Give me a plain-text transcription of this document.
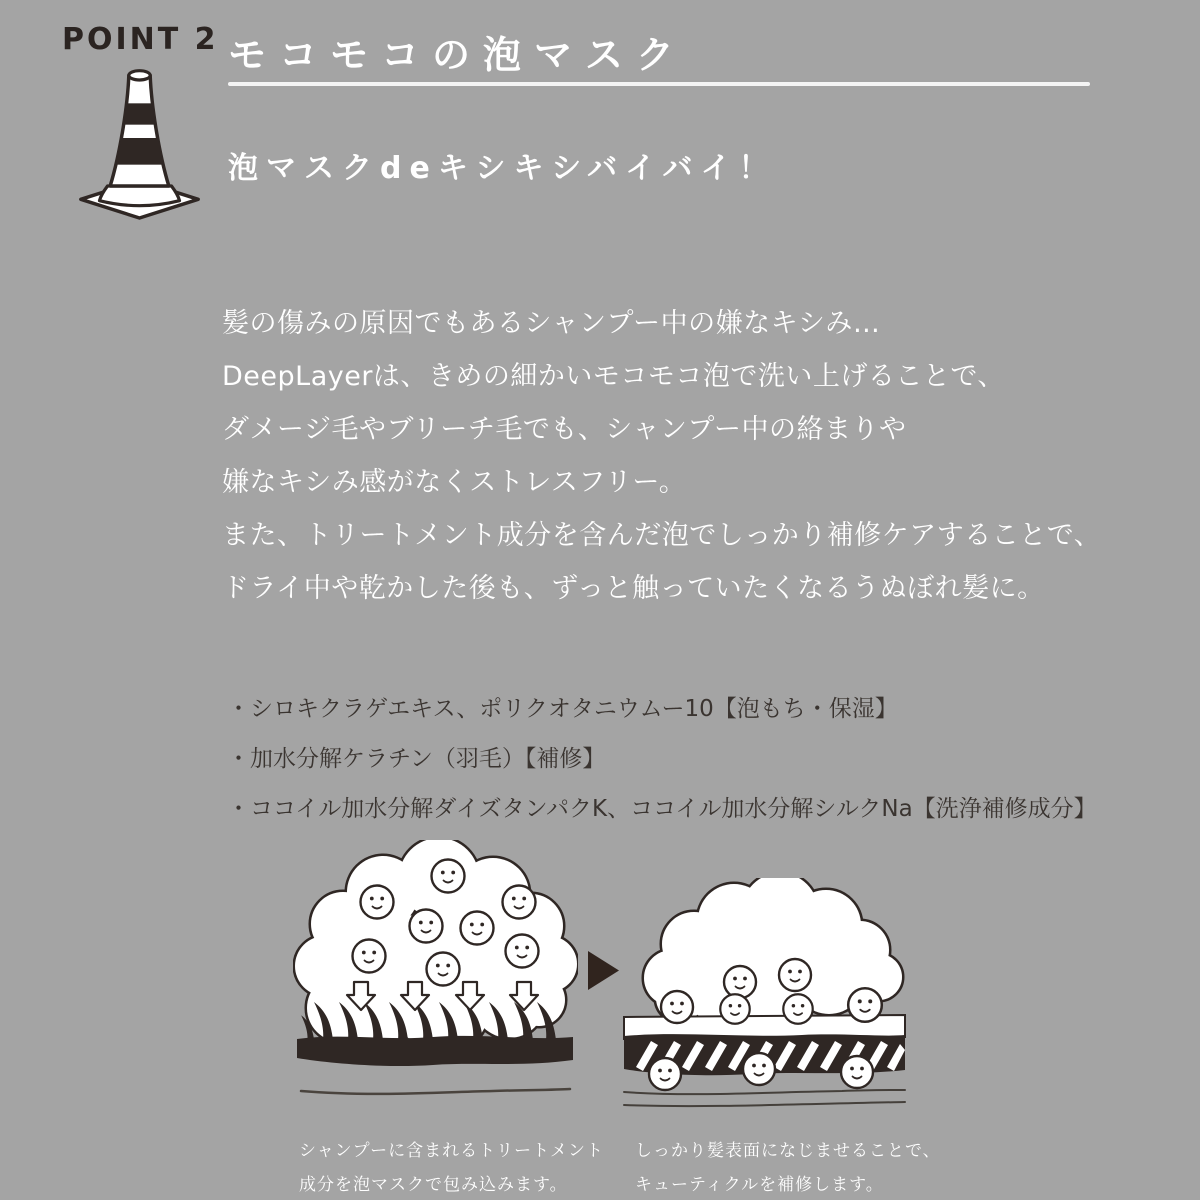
POINT 2 モコモコの泡マスク
泡マスクdeキシキシバイバイ！
髪の傷みの原因でもあるシャンプー中の嫌なキシみ…
DeepLayerは、きめの細かいモコモコ泡で洗い上げることで、
ダメージ毛やブリーチ毛でも、シャンプー中の絡まりや
嫌なキシみ感がなくストレスフリー。
また、トリートメント成分を含んだ泡でしっかり補修ケアすることで、
ドライ中や乾かした後も、ずっと触っていたくなるうぬぼれ髪に。
・シロキクラゲエキス、ポリクオタニウムー10【泡もち・保湿】
・加水分解ケラチン（羽毛）【補修】
・ココイル加水分解ダイズタンパクK、ココイル加水分解シルクNa【洗浄補修成分】
シャンプーに含まれるトリートメント
成分を泡マスクで包み込みます。
しっかり髪表面になじませることで、
キューティクルを補修します。
